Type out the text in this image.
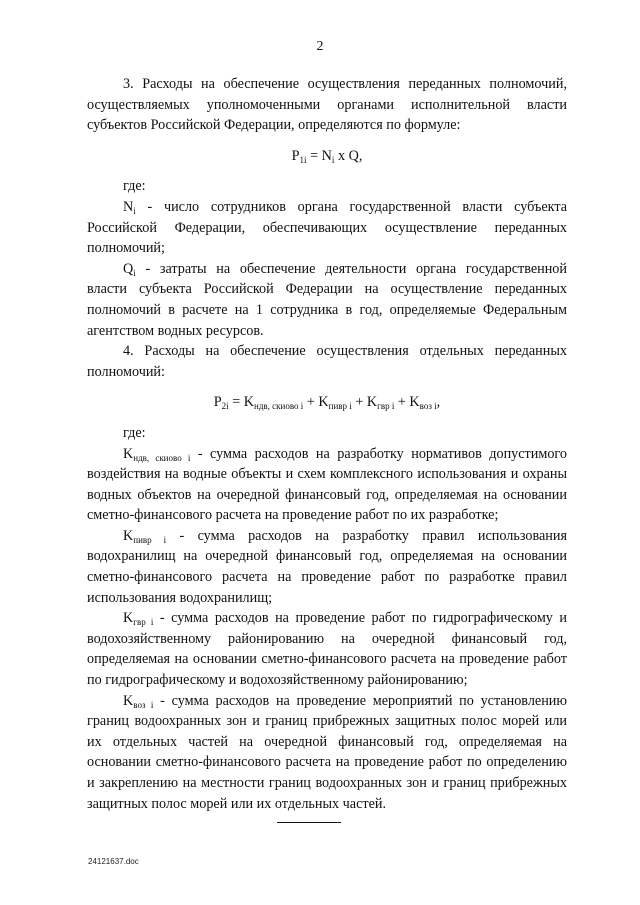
2

3. Расходы на обеспечение осуществления переданных полномочий, осуществляемых уполномоченными органами исполнительной власти субъектов Российской Федерации, определяются по формуле:

$P_{1i} = N_i$ x Q,

где:

$N_i$ - число сотрудников органа государственной власти субъекта Российской Федерации, обеспечивающих осуществление переданных полномочий;

$Q_i$ - затраты на обеспечение деятельности органа государственной власти субъекта Российской Федерации на осуществление переданных полномочий в расчете на 1 сотрудника в год, определяемые Федеральным агентством водных ресурсов.

4. Расходы на обеспечение осуществления отдельных переданных полномочий:

$P_{2i} = K_{ндв, скиово i} + K_{пивр i} + K_{гвр i} + K_{воз i}$,

где:

$K_{ндв, скиово i}$ - сумма расходов на разработку нормативов допустимого воздействия на водные объекты и схем комплексного использования и охраны водных объектов на очередной финансовый год, определяемая на основании сметно-финансового расчета на проведение работ по их разработке;

$K_{пивр i}$ - сумма расходов на разработку правил использования водохранилищ на очередной финансовый год, определяемая на основании сметно-финансового расчета на проведение работ по разработке правил использования водохранилищ;

$K_{гвр i}$ - сумма расходов на проведение работ по гидрографическому и водохозяйственному районированию на очередной финансовый год, определяемая на основании сметно-финансового расчета на проведение работ по гидрографическому и водохозяйственному районированию;

$K_{воз i}$ - сумма расходов на проведение мероприятий по установлению границ водоохранных зон и границ прибрежных защитных полос морей или их отдельных частей на очередной финансовый год, определяемая на основании сметно-финансового расчета на проведение работ по определению и закреплению на местности границ водоохранных зон и границ прибрежных защитных полос морей или их отдельных частей.

24121637.doc
